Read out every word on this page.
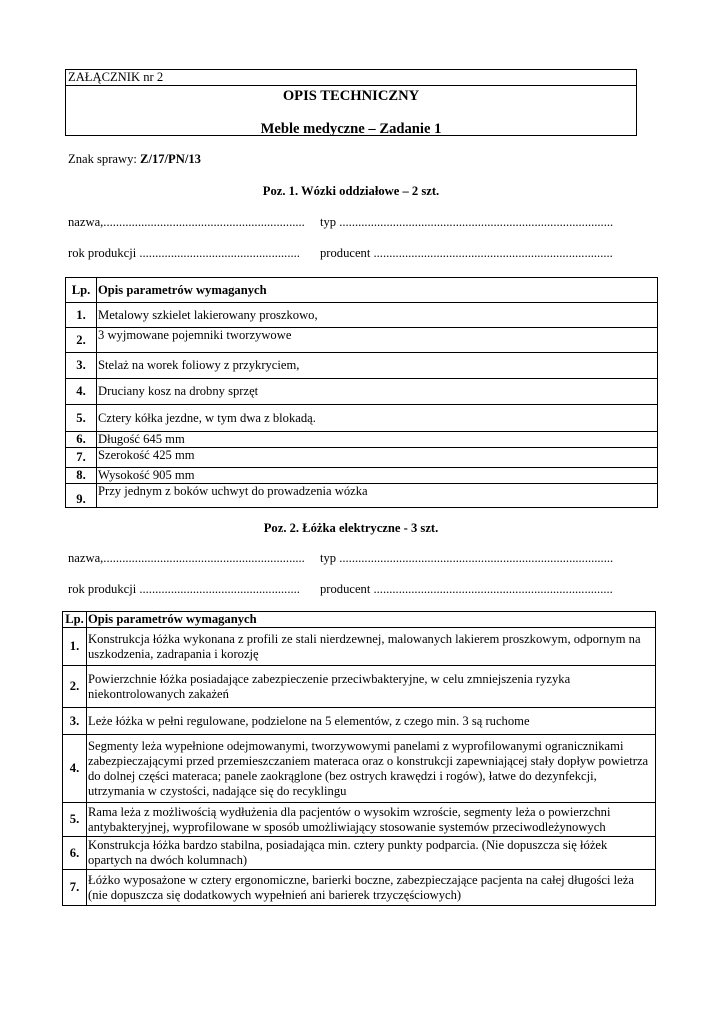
ZAŁĄCZNIK nr 2
OPIS TECHNICZNY
Meble medyczne – Zadanie 1
Znak sprawy: Z/17/PN/13
Poz. 1. Wózki oddziałowe – 2 szt.
nazwa,................................................................ typ .......................................................................................
rok produkcji ................................................... producent ............................................................................
Lp.	Opis parametrów wymaganych
1.	Metalowy szkielet lakierowany proszkowo,
2.	3 wyjmowane pojemniki tworzywowe
3.	Stelaż na worek foliowy z przykryciem,
4.	Druciany kosz na drobny sprzęt
5.	Cztery kółka jezdne, w tym dwa z blokadą.
6.	Długość 645 mm
7.	Szerokość 425 mm
8.	Wysokość 905 mm
9.	Przy jednym z boków uchwyt do prowadzenia wózka
Poz. 2. Łóżka elektryczne - 3 szt.
nazwa,................................................................ typ .......................................................................................
rok produkcji ................................................... producent ............................................................................
Lp.	Opis parametrów wymaganych
1.	Konstrukcja łóżka wykonana z profili ze stali nierdzewnej, malowanych lakierem proszkowym, odpornym na uszkodzenia, zadrapania i korozję
2.	Powierzchnie łóżka posiadające zabezpieczenie przeciwbakteryjne, w celu zmniejszenia ryzyka niekontrolowanych zakażeń
3.	Leże łóżka w pełni regulowane, podzielone na 5 elementów, z czego min. 3 są ruchome
4.	Segmenty leża wypełnione odejmowanymi, tworzywowymi panelami z wyprofilowanymi ogranicznikami zabezpieczającymi przed przemieszczaniem materaca oraz o konstrukcji zapewniającej stały dopływ powietrza do dolnej części materaca; panele zaokrąglone (bez ostrych krawędzi i rogów), łatwe do dezynfekcji, utrzymania w czystości, nadające się do recyklingu
5.	Rama leża z możliwością wydłużenia dla pacjentów o wysokim wzroście, segmenty leża o powierzchni antybakteryjnej, wyprofilowane w sposób umożliwiający stosowanie systemów przeciwodleżynowych
6.	Konstrukcja łóżka bardzo stabilna, posiadająca min. cztery punkty podparcia. (Nie dopuszcza się łóżek opartych na dwóch kolumnach)
7.	Łóżko wyposażone w cztery ergonomiczne, barierki boczne, zabezpieczające pacjenta na całej długości leża (nie dopuszcza się dodatkowych wypełnień ani barierek trzyczęściowych)
